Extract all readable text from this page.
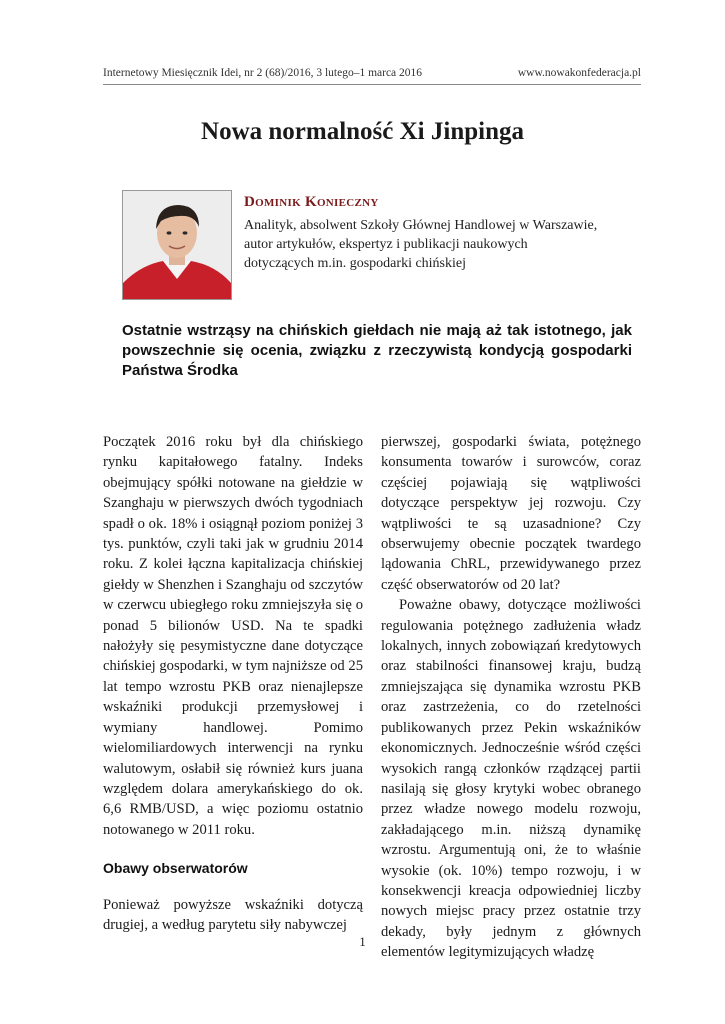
Internetowy Miesięcznik Idei, nr 2 (68)/2016, 3 lutego–1 marca 2016	www.nowakonfederacja.pl
Nowa normalność Xi Jinpinga
Dominik Konieczny
Analityk, absolwent Szkoły Głównej Handlowej w Warszawie,
autor artykułów, ekspertyz i publikacji naukowych
dotyczących m.in. gospodarki chińskiej
Ostatnie wstrząsy na chińskich giełdach nie mają aż tak istotnego, jak powszechnie się ocenia, związku z rzeczywistą kondycją gospodarki Państwa Środka

Początek 2016 roku był dla chińskiego rynku kapitałowego fatalny. Indeks obejmujący spółki notowane na giełdzie w Szanghaju w pierwszych dwóch tygodniach spadł o ok. 18% i osiągnął poziom poniżej 3 tys. punktów, czyli taki jak w grudniu 2014 roku. Z kolei łączna kapitalizacja chińskiej giełdy w Shenzhen i Szanghaju od szczytów w czerwcu ubiegłego roku zmniejszyła się o ponad 5 bilionów USD. Na te spadki nałożyły się pesymistyczne dane dotyczące chińskiej gospodarki, w tym najniższe od 25 lat tempo wzrostu PKB oraz nienajlepsze wskaźniki produkcji przemysłowej i wymiany handlowej. Pomimo wielomiliardowych interwencji na rynku walutowym, osłabił się również kurs juana względem dolara amerykańskiego do ok. 6,6 RMB/USD, a więc poziomu ostatnio notowanego w 2011 roku.

Obawy obserwatorów

Ponieważ powyższe wskaźniki dotyczą drugiej, a według parytetu siły nabywczej

pierwszej, gospodarki świata, potężnego konsumenta towarów i surowców, coraz częściej pojawiają się wątpliwości dotyczące perspektyw jej rozwoju. Czy wątpliwości te są uzasadnione? Czy obserwujemy obecnie początek twardego lądowania ChRL, przewidywanego przez część obserwatorów od 20 lat?

Poważne obawy, dotyczące możliwości regulowania potężnego zadłużenia władz lokalnych, innych zobowiązań kredytowych oraz stabilności finansowej kraju, budzą zmniejszająca się dynamika wzrostu PKB oraz zastrzeżenia, co do rzetelności publikowanych przez Pekin wskaźników ekonomicznych. Jednocześnie wśród części wysokich rangą członków rządzącej partii nasilają się głosy krytyki wobec obranego przez władze nowego modelu rozwoju, zakładającego m.in. niższą dynamikę wzrostu. Argumentują oni, że to właśnie wysokie (ok. 10%) tempo rozwoju, i w konsekwencji kreacja odpowiedniej liczby nowych miejsc pracy przez ostatnie trzy dekady, były jednym z głównych elementów legitymizujących władzę

1
